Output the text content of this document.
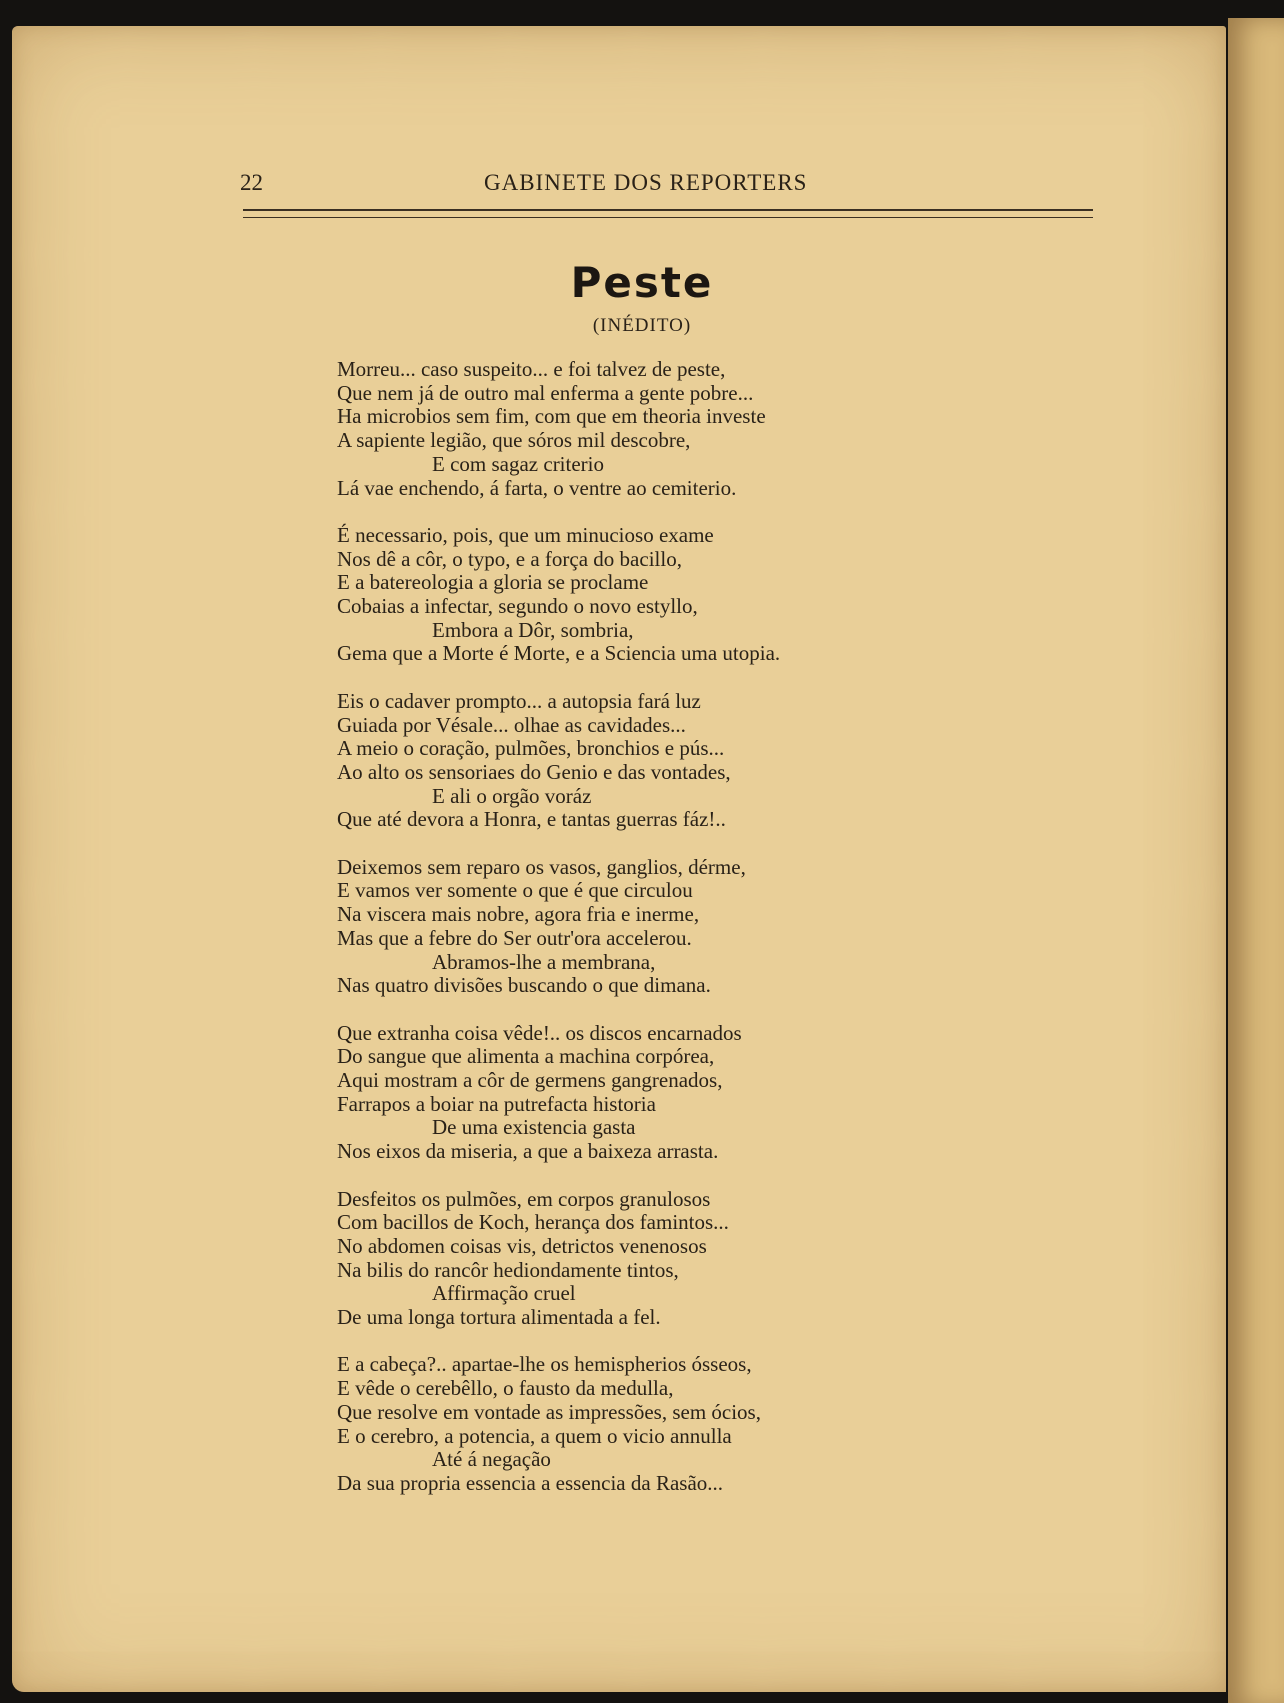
22	GABINETE DOS REPORTERS

Peste

(INÉDITO)

Morreu... caso suspeito... e foi talvez de peste,
Que nem já de outro mal enferma a gente pobre...
Ha microbios sem fim, com que em theoria investe
A sapiente legião, que sóros mil descobre,
E com sagaz criterio
Lá vae enchendo, á farta, o ventre ao cemiterio.
É necessario, pois, que um minucioso exame
Nos dê a côr, o typo, e a força do bacillo,
E a batereologia a gloria se proclame
Cobaias a infectar, segundo o novo estyllo,
Embora a Dôr, sombria,
Gema que a Morte é Morte, e a Sciencia uma utopia.
Eis o cadaver prompto... a autopsia fará luz
Guiada por Vésale... olhae as cavidades...
A meio o coração, pulmões, bronchios e pús...
Ao alto os sensoriaes do Genio e das vontades,
E ali o orgão voráz
Que até devora a Honra, e tantas guerras fáz!..
Deixemos sem reparo os vasos, ganglios, dérme,
E vamos ver somente o que é que circulou
Na viscera mais nobre, agora fria e inerme,
Mas que a febre do Ser outr'ora accelerou.
Abramos-lhe a membrana,
Nas quatro divisões buscando o que dimana.
Que extranha coisa vêde!.. os discos encarnados
Do sangue que alimenta a machina corpórea,
Aqui mostram a côr de germens gangrenados,
Farrapos a boiar na putrefacta historia
De uma existencia gasta
Nos eixos da miseria, a que a baixeza arrasta.
Desfeitos os pulmões, em corpos granulosos
Com bacillos de Koch, herança dos famintos...
No abdomen coisas vis, detrictos venenosos
Na bilis do rancôr hediondamente tintos,
Affirmação cruel
De uma longa tortura alimentada a fel.
E a cabeça?.. apartae-lhe os hemispherios ósseos,
E vêde o cerebêllo, o fausto da medulla,
Que resolve em vontade as impressões, sem ócios,
E o cerebro, a potencia, a quem o vicio annulla
Até á negação
Da sua propria essencia a essencia da Rasão...
